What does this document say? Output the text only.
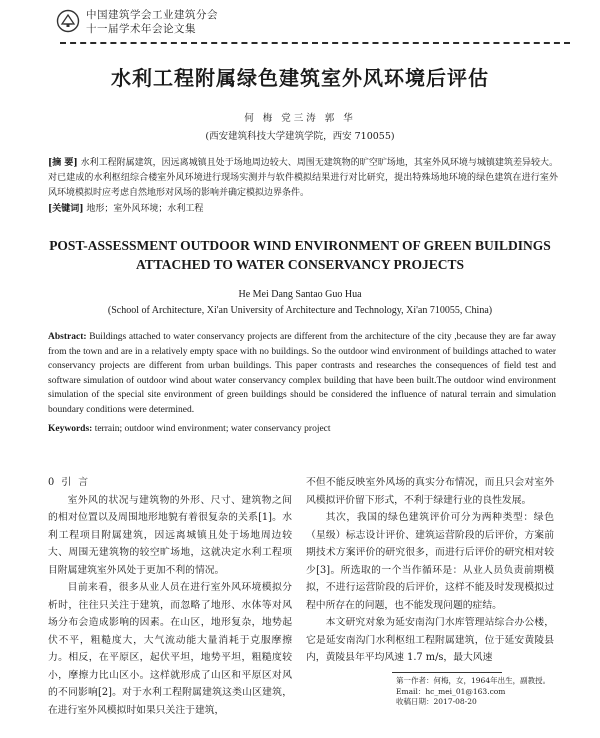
中国建筑学会工业建筑分会
十一届学术年会论文集
水利工程附属绿色建筑室外风环境后评估
何 梅 党三涛 郭 华
(西安建筑科技大学建筑学院，西安 710055)
[摘 要] 水利工程附属建筑，因远离城镇且处于场地周边较大、周围无建筑物的旷空旷场地，其室外风环境与城镇建筑差异较大。对已建成的水利枢纽综合楼室外风环境进行现场实测并与软件模拟结果进行对比研究，提出特殊场地环境的绿色建筑在进行室外风环境模拟时应考虑自然地形对风场的影响并确定模拟边界条件。
[关键词] 地形；室外风环境；水利工程
POST-ASSESSMENT OUTDOOR WIND ENVIRONMENT OF GREEN BUILDINGS
ATTACHED TO WATER CONSERVANCY PROJECTS
He Mei Dang Santao Guo Hua
(School of Architecture, Xi'an University of Architecture and Technology, Xi'an 710055, China)
Abstract: Buildings attached to water conservancy projects are different from the architecture of the city ,because they are far away from the town and are in a relatively empty space with no buildings. So the outdoor wind environment of buildings attached to water conservancy projects are different from urban buildings. This paper contrasts and researches the consequences of field test and software simulation of outdoor wind about water conservancy complex building that have been built.The outdoor wind environment simulation of the special site environment of green buildings should be considered the influence of natural terrain and simulation boundary conditions were determined.
Keywords: terrain; outdoor wind environment; water conservancy project

0 引 言

室外风的状况与建筑物的外形、尺寸、建筑物之间的相对位置以及周围地形地貌有着很复杂的关系[1]。水利工程项目附属建筑，因远离城镇且处于场地周边较大、周围无建筑物的较空旷场地，这就决定水利工程项目附属建筑室外风处于更加不利的情况。

目前来看，很多从业人员在进行室外风环境模拟分析时，往往只关注于建筑，而忽略了地形、水体等对风场分布会造成影响的因素。在山区，地形复杂，地势起伏不平，粗糙度大，大气流动能大量消耗于克服摩擦力。相反，在平原区，起伏平坦，地势平坦，粗糙度较小，摩擦力比山区小。这样就形成了山区和平原区对风的不同影响[2]。对于水利工程附属建筑这类山区建筑，在进行室外风模拟时如果只关注于建筑，

不但不能反映室外风场的真实分布情况，而且只会对室外风模拟评价留下形式，不利于绿建行业的良性发展。

其次，我国的绿色建筑评价可分为两种类型：绿色（星级）标志设计评价、建筑运营阶段的后评价，方案前期技术方案评价的研究很多，而进行后评价的研究相对较少[3]。所选取的一个当作循环是：从业人员负责前期模拟，不进行运营阶段的后评价，这样不能及时发现模拟过程中所存在的问题，也不能发现问题的症结。

本文研究对象为延安南沟门水库管理站综合办公楼，它是延安南沟门水利枢纽工程附属建筑，位于延安黄陵县内，黄陵县年平均风速 1.7 m/s，最大风速

第一作者：何梅，女，1964年出生，副教授。
Email：hc_mei_01@163.com
收稿日期：2017-08-20
